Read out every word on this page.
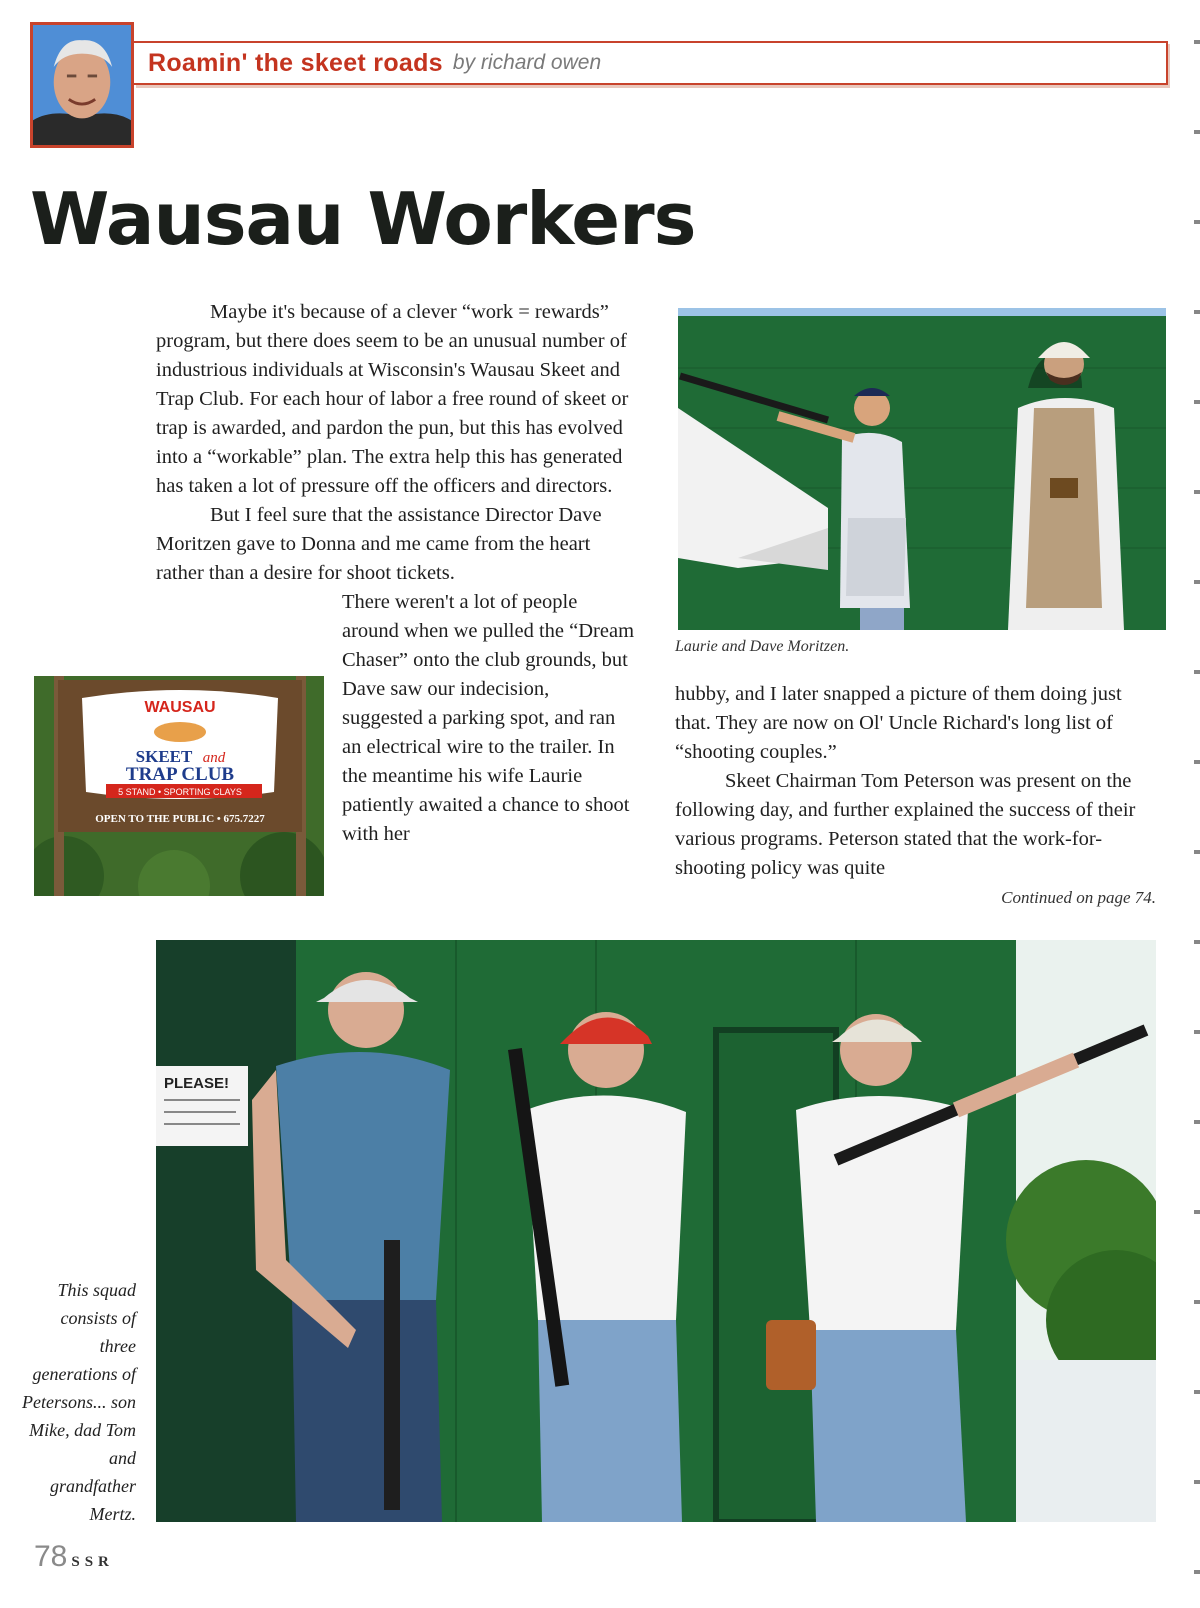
Roamin' the skeet roads by richard owen
Wausau Workers

Maybe it's because of a clever “work = rewards” program, but there does seem to be an unusual number of industrious individuals at Wisconsin's Wausau Skeet and Trap Club. For each hour of labor a free round of skeet or trap is awarded, and pardon the pun, but this has evolved into a “workable” plan. The extra help this has generated has taken a lot of pressure off the officers and directors.

But I feel sure that the assistance Director Dave Moritzen gave to Donna and me came from the heart rather than a desire for shoot tickets.

There weren't a lot of people around when we pulled the “Dream Chaser” onto the club grounds, but Dave saw our indecision, suggested a parking spot, and ran an electrical wire to the trailer. In the meantime his wife Laurie patiently awaited a chance to shoot with her

hubby, and I later snapped a picture of them doing just that. They are now on Ol' Uncle Richard's long list of “shooting couples.”

Skeet Chairman Tom Peterson was present on the following day, and further explained the success of their various programs. Peterson stated that the work-for-shooting policy was quite

Continued on page 74.
Laurie and Dave Moritzen.
WAUSAU
SKEET and
TRAP CLUB
5 STAND • SPORTING CLAYS
OPEN TO THE PUBLIC • 675.7227
PLEASE!
This squad consists of three generations of Petersons... son Mike, dad Tom and grandfather Mertz.
78 SSR
